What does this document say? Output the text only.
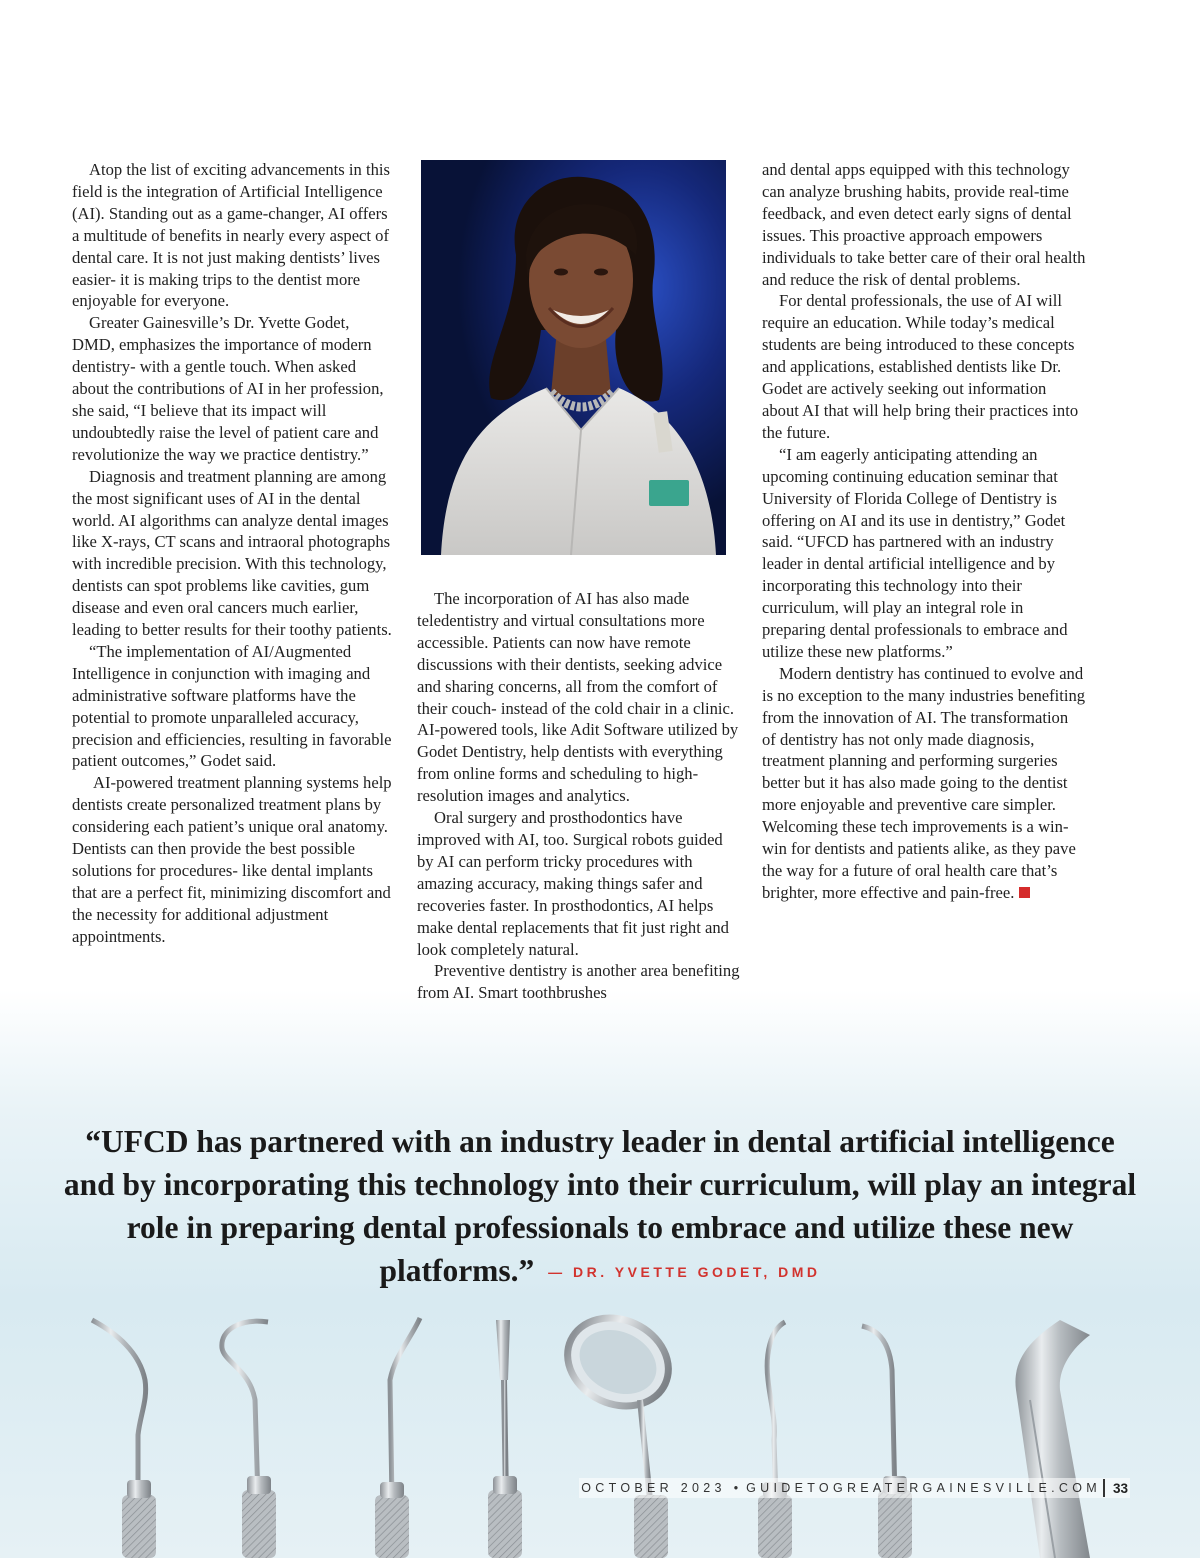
Atop the list of exciting advancements in this field is the integration of Artificial Intelligence (AI). Standing out as a game-changer, AI offers a multitude of benefits in nearly every aspect of dental care. It is not just making dentists’ lives easier- it is making trips to the dentist more enjoyable for everyone.

Greater Gainesville’s Dr. Yvette Godet, DMD, emphasizes the importance of modern dentistry- with a gentle touch. When asked about the contributions of AI in her profession, she said, “I believe that its impact will undoubtedly raise the level of patient care and revolutionize the way we practice dentistry.”

Diagnosis and treatment planning are among the most significant uses of AI in the dental world. AI algorithms can analyze dental images like X-rays, CT scans and intraoral photographs with incredible precision. With this technology, dentists can spot problems like cavities, gum disease and even oral cancers much earlier, leading to better results for their toothy patients.

“The implementation of AI/Augmented Intelligence in conjunction with imaging and administrative software platforms have the potential to promote unparalleled accuracy, precision and efficiencies, resulting in favorable patient outcomes,” Godet said.

AI-powered treatment planning systems help dentists create personalized treatment plans by considering each patient’s unique oral anatomy. Dentists can then provide the best possible solutions for procedures- like dental implants that are a perfect fit, minimizing discomfort and the necessity for additional adjustment appointments.

The incorporation of AI has also made teledentistry and virtual consultations more accessible. Patients can now have remote discussions with their dentists, seeking advice and sharing concerns, all from the comfort of their couch- instead of the cold chair in a clinic. AI-powered tools, like Adit Software utilized by Godet Dentistry, help dentists with everything from online forms and scheduling to high-resolution images and analytics.

Oral surgery and prosthodontics have improved with AI, too. Surgical robots guided by AI can perform tricky procedures with amazing accuracy, making things safer and recoveries faster. In prosthodontics, AI helps make dental replacements that fit just right and look completely natural.

Preventive dentistry is another area benefiting from AI. Smart toothbrushes

and dental apps equipped with this technology can analyze brushing habits, provide real-time feedback, and even detect early signs of dental issues. This proactive approach empowers individuals to take better care of their oral health and reduce the risk of dental problems.

For dental professionals, the use of AI will require an education. While today’s medical students are being introduced to these concepts and applications, established dentists like Dr. Godet are actively seeking out information about AI that will help bring their practices into the future.

“I am eagerly anticipating attending an upcoming continuing education seminar that University of Florida College of Dentistry is offering on AI and its use in dentistry,” Godet said. “UFCD has partnered with an industry leader in dental artificial intelligence and by incorporating this technology into their curriculum, will play an integral role in preparing dental professionals to embrace and utilize these new platforms.”

Modern dentistry has continued to evolve and is no exception to the many industries benefiting from the innovation of AI. The transformation of dentistry has not only made diagnosis, treatment planning and performing surgeries better but it has also made going to the dentist more enjoyable and preventive care simpler. Welcoming these tech improvements is a win-win for dentists and patients alike, as they pave the way for a future of oral health care that’s brighter, more effective and pain-free.

“UFCD has partnered with an industry leader in dental artificial intelligence and by incorporating this technology into their curriculum, will play an integral role in preparing dental professionals to embrace and utilize these new platforms.” — DR. YVETTE GODET, DMD
OCTOBER 2023 • GUIDETOGREATERGAINESVILLE.COM 33
